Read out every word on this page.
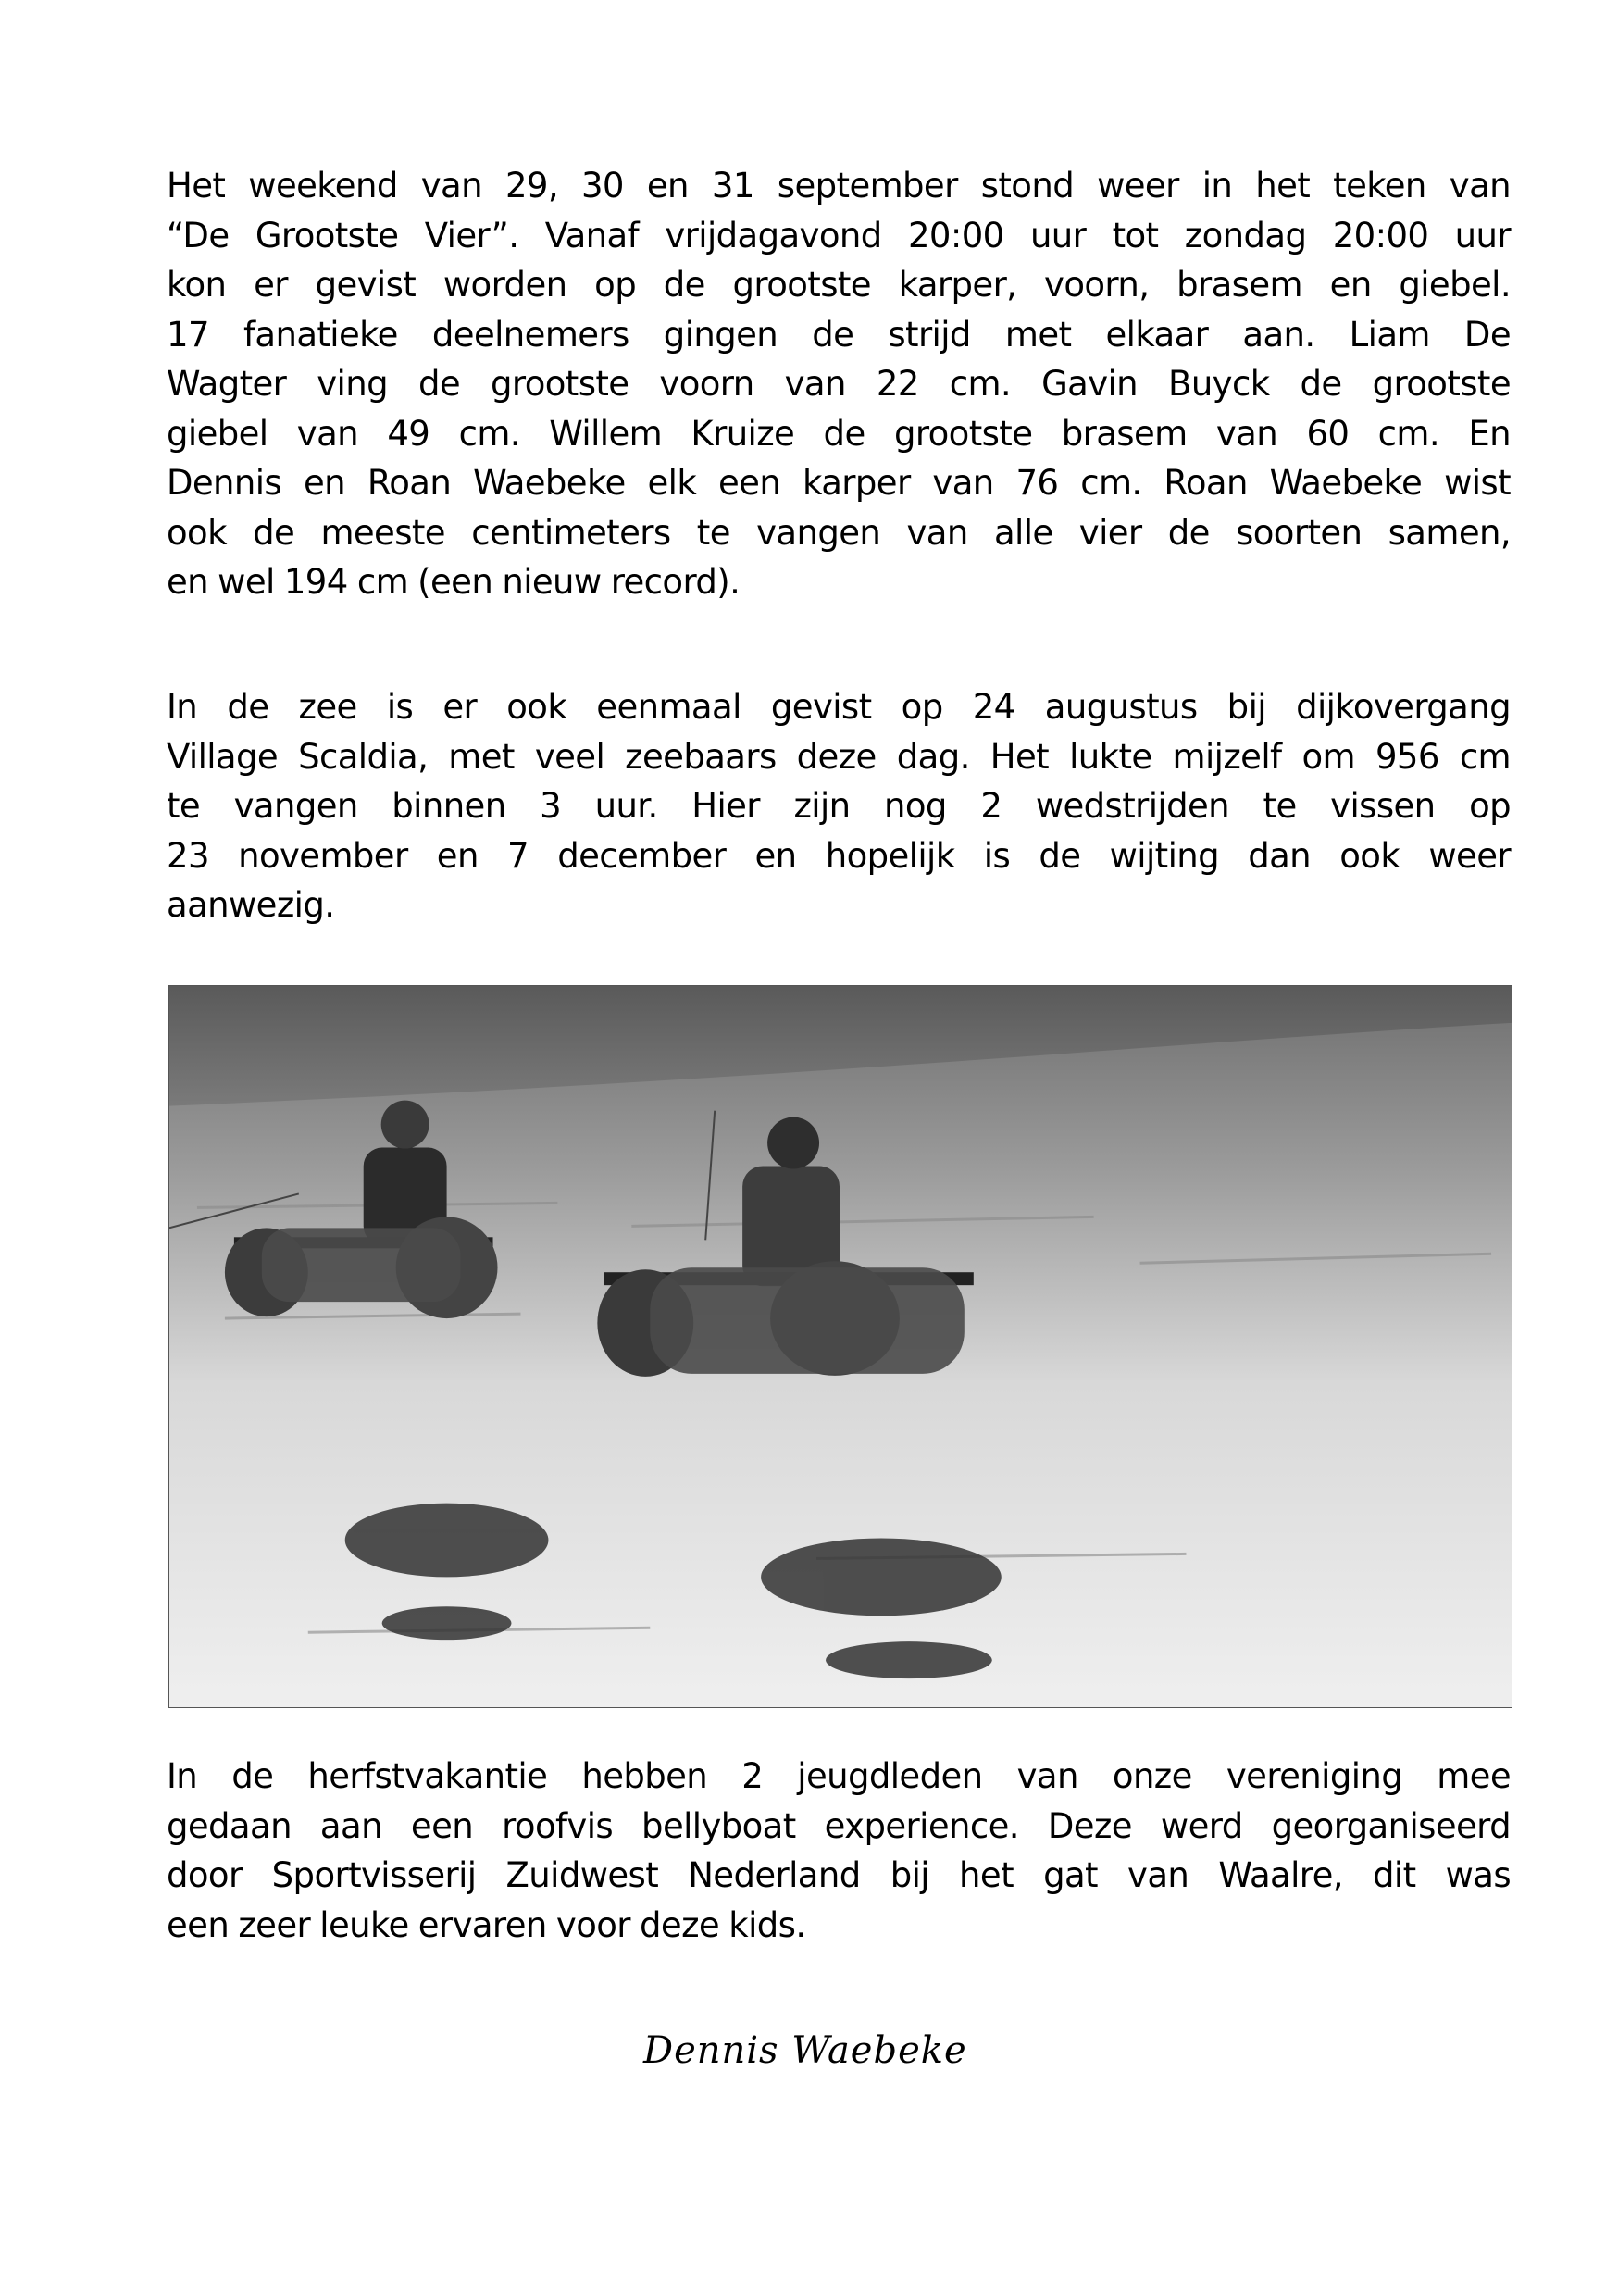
Het weekend van 29, 30 en 31 september stond weer in het teken van
“De Grootste Vier”. Vanaf vrijdagavond 20:00 uur tot zondag 20:00 uur
kon er gevist worden op de grootste karper, voorn, brasem en giebel.
17 fanatieke deelnemers gingen de strijd met elkaar aan. Liam De
Wagter ving de grootste voorn van 22 cm. Gavin Buyck de grootste
giebel van 49 cm. Willem Kruize de grootste brasem van 60 cm. En
Dennis en Roan Waebeke elk een karper van 76 cm. Roan Waebeke wist
ook de meeste centimeters te vangen van alle vier de soorten samen,
en wel 194 cm (een nieuw record).
In de zee is er ook eenmaal gevist op 24 augustus bij dijkovergang
Village Scaldia, met veel zeebaars deze dag. Het lukte mijzelf om 956 cm
te vangen binnen 3 uur. Hier zijn nog 2 wedstrijden te vissen op
23 november en 7 december en hopelijk is de wijting dan ook weer
aanwezig.
In de herfstvakantie hebben 2 jeugdleden van onze vereniging mee
gedaan aan een roofvis bellyboat experience. Deze werd georganiseerd
door Sportvisserij Zuidwest Nederland bij het gat van Waalre, dit was
een zeer leuke ervaren voor deze kids.
Dennis Waebeke
